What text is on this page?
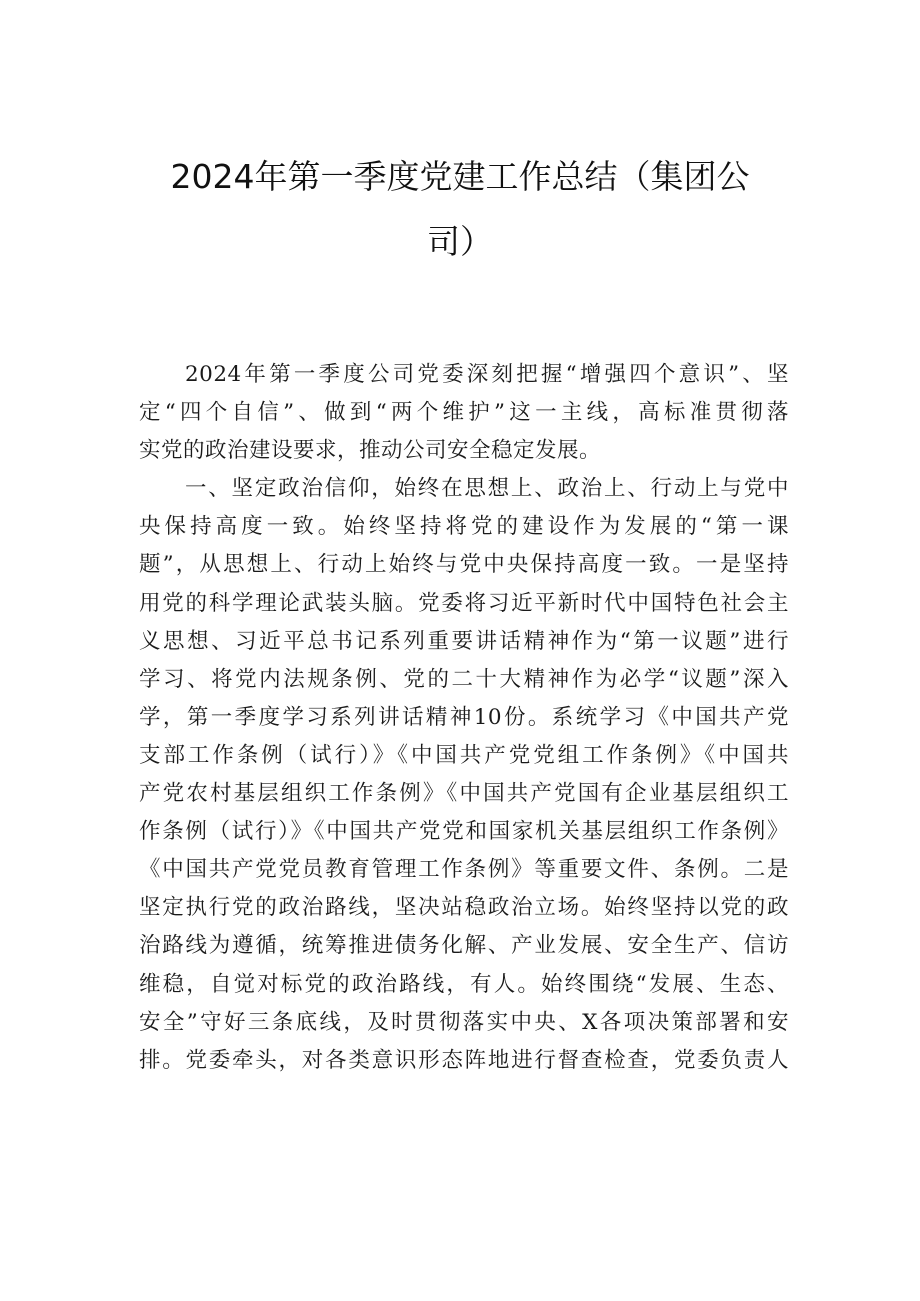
2024年第一季度党建工作总结（集团公
司）
2024年第一季度公司党委深刻把握“增强四个意识”、坚
定“四个自信”、做到“两个维护”这一主线，高标准贯彻落
实党的政治建设要求，推动公司安全稳定发展。
一、坚定政治信仰，始终在思想上、政治上、行动上与党中
央保持高度一致。始终坚持将党的建设作为发展的“第一课
题”，从思想上、行动上始终与党中央保持高度一致。一是坚持
用党的科学理论武装头脑。党委将习近平新时代中国特色社会主
义思想、习近平总书记系列重要讲话精神作为“第一议题”进行
学习、将党内法规条例、党的二十大精神作为必学“议题”深入
学，第一季度学习系列讲话精神10份。系统学习《中国共产党
支部工作条例（试行）》《中国共产党党组工作条例》《中国共
产党农村基层组织工作条例》《中国共产党国有企业基层组织工
作条例（试行）》《中国共产党党和国家机关基层组织工作条例》
《中国共产党党员教育管理工作条例》等重要文件、条例。二是
坚定执行党的政治路线，坚决站稳政治立场。始终坚持以党的政
治路线为遵循，统筹推进债务化解、产业发展、安全生产、信访
维稳，自觉对标党的政治路线，有人。始终围绕“发展、生态、
安全”守好三条底线，及时贯彻落实中央、X各项决策部署和安
排。党委牵头，对各类意识形态阵地进行督查检查，党委负责人
